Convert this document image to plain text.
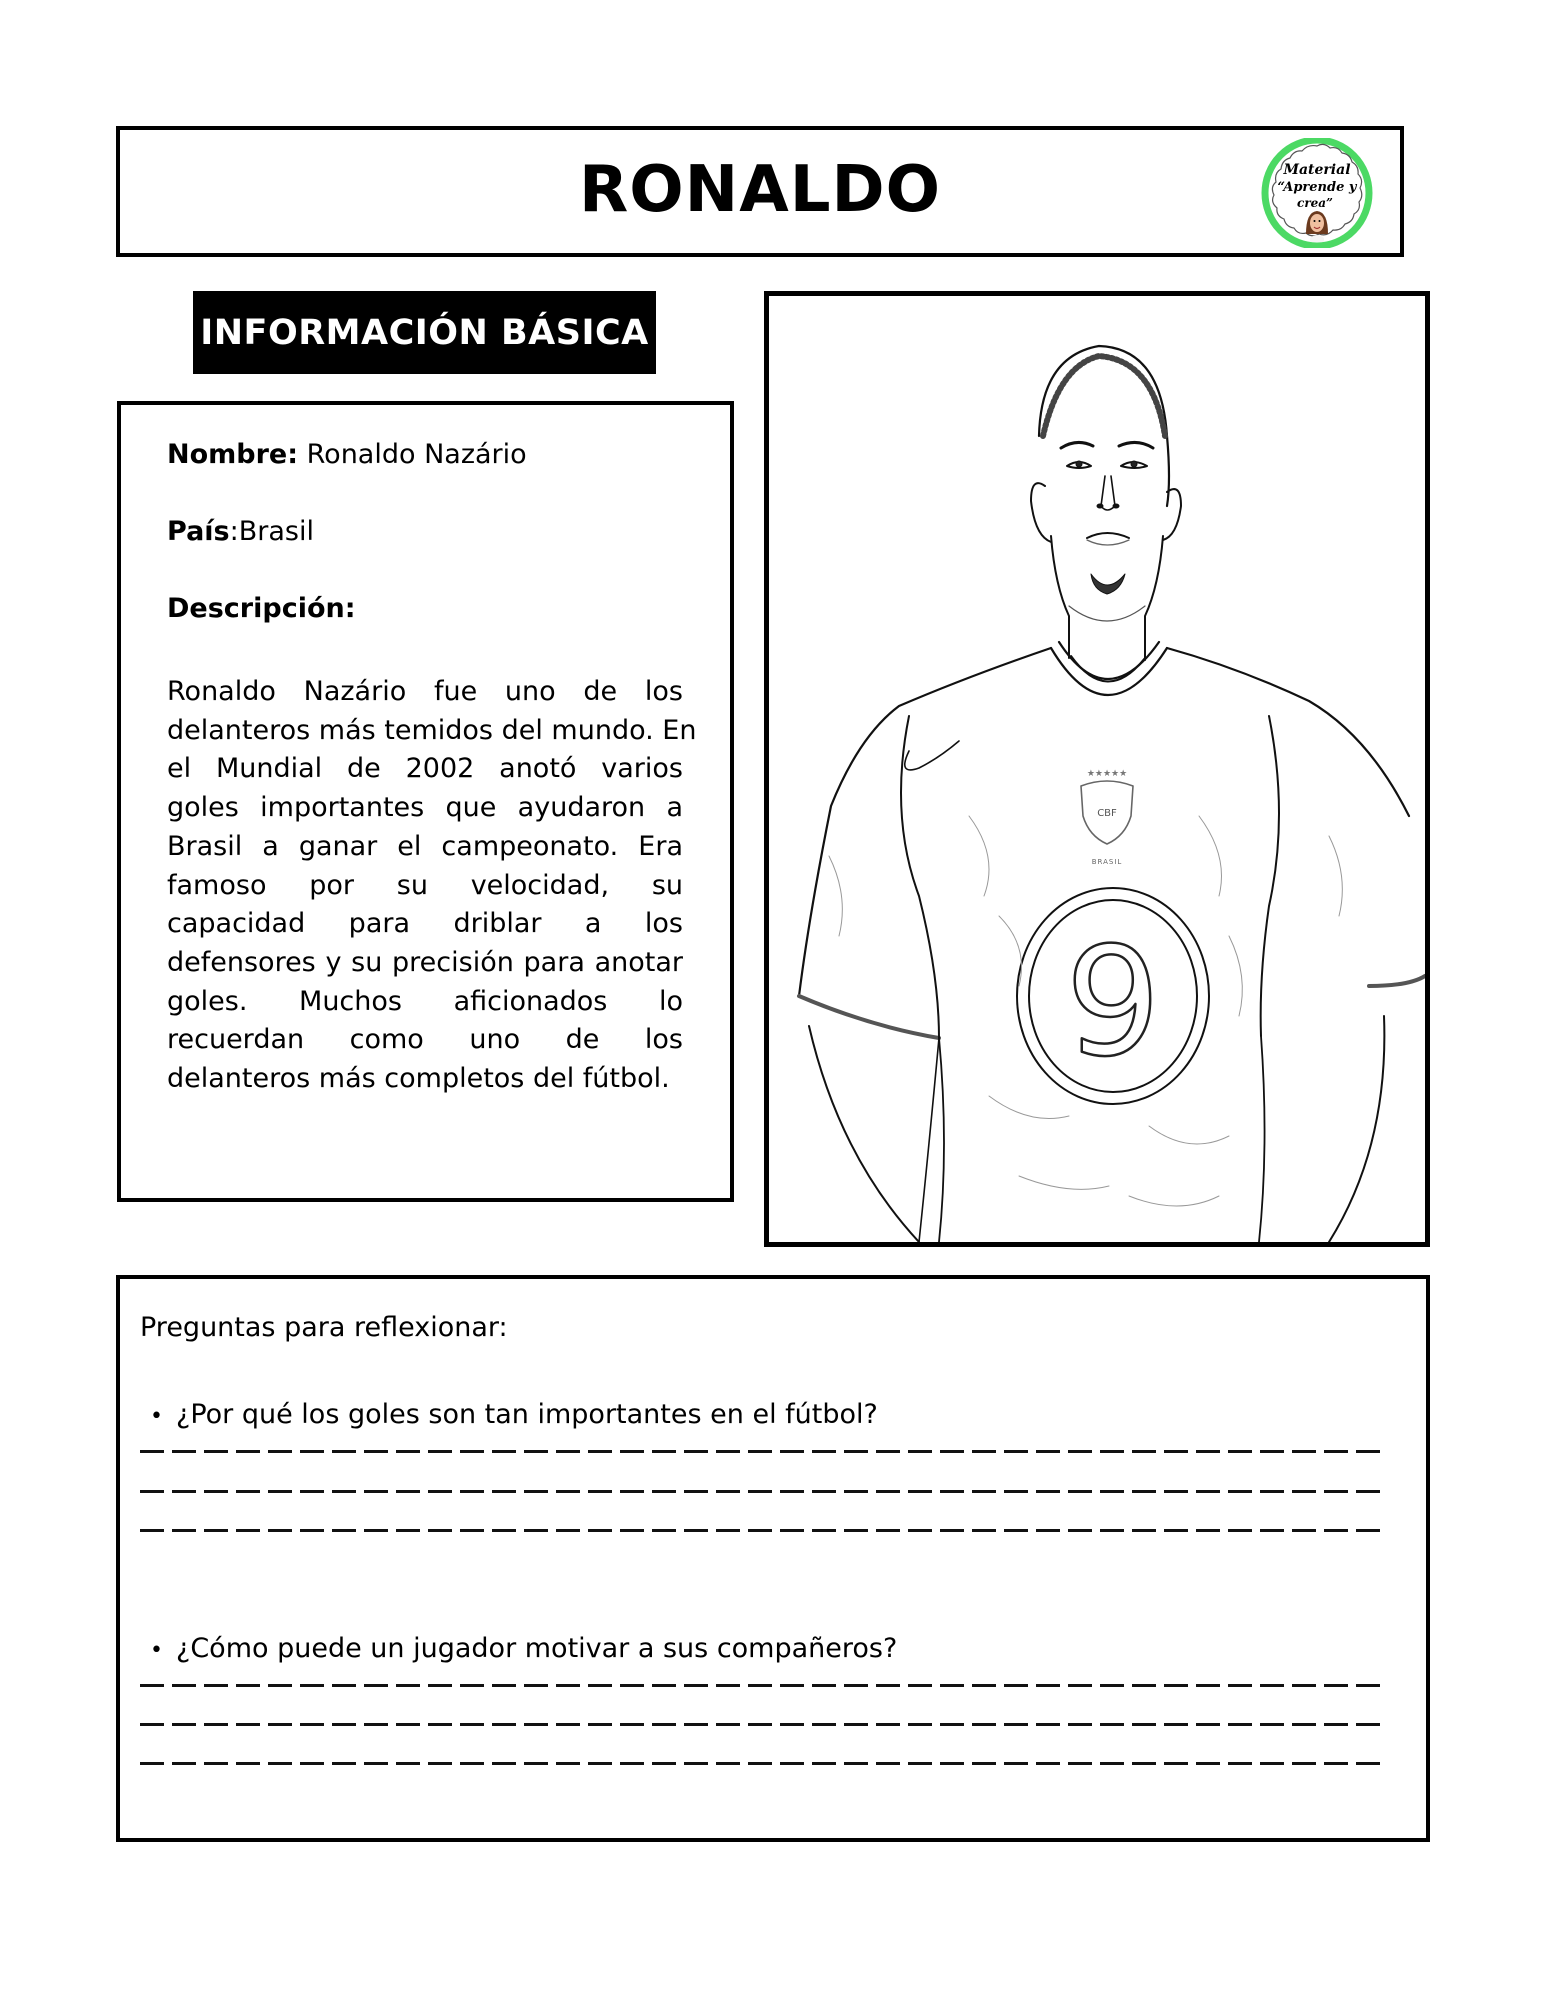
RONALDO	Material
“Aprende y
crea”
INFORMACIÓN BÁSICA
Nombre: Ronaldo Nazário
País:Brasil
Descripción:
Ronaldo Nazário fue uno de los
delanteros más temidos del mundo. En
el Mundial de 2002 anotó varios
goles importantes que ayudaron a
Brasil a ganar el campeonato. Era
famoso por su velocidad, su
capacidad para driblar a los
defensores y su precisión para anotar
goles. Muchos aficionados lo
recuerdan como uno de los
delanteros más completos del fútbol.
CBF
BRASIL
★★★★★
9
Preguntas para reflexionar:
• ¿Por qué los goles son tan importantes en el fútbol?
• ¿Cómo puede un jugador motivar a sus compañeros?
